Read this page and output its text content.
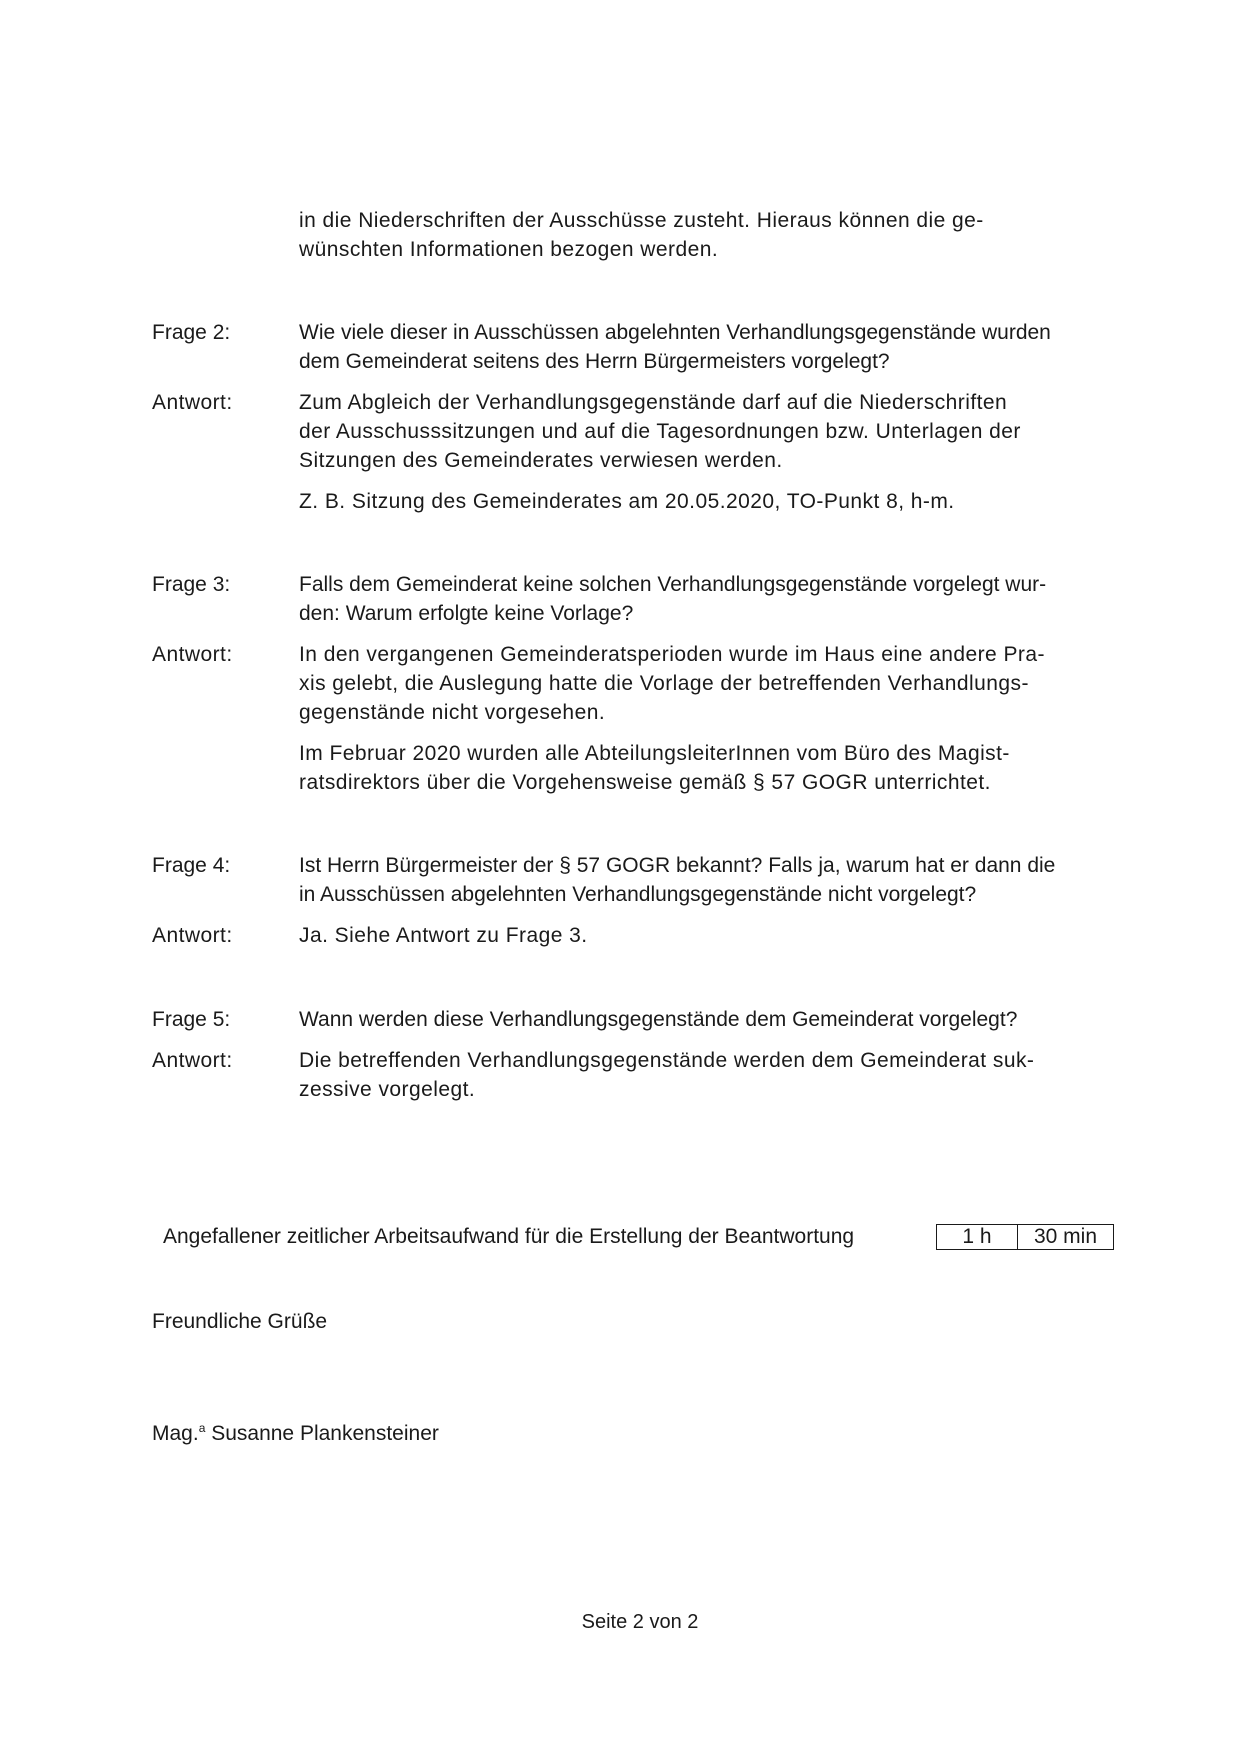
in die Niederschriften der Ausschüsse zusteht. Hieraus können die ge-

wünschten Informationen bezogen werden.

Frage 2:	Wie viele dieser in Ausschüssen abgelehnten Verhandlungsgegenstände wurden

dem Gemeinderat seitens des Herrn Bürgermeisters vorgelegt?

Antwort:	Zum Abgleich der Verhandlungsgegenstände darf auf die Niederschriften

der Ausschusssitzungen und auf die Tagesordnungen bzw. Unterlagen der

Sitzungen des Gemeinderates verwiesen werden.

Z. B. Sitzung des Gemeinderates am 20.05.2020, TO-Punkt 8, h-m.

Frage 3:	Falls dem Gemeinderat keine solchen Verhandlungsgegenstände vorgelegt wur-

den: Warum erfolgte keine Vorlage?

Antwort:	In den vergangenen Gemeinderatsperioden wurde im Haus eine andere Pra-

xis gelebt, die Auslegung hatte die Vorlage der betreffenden Verhandlungs-

gegenstände nicht vorgesehen.

Im Februar 2020 wurden alle AbteilungsleiterInnen vom Büro des Magist-

ratsdirektors über die Vorgehensweise gemäß § 57 GOGR unterrichtet.

Frage 4:	Ist Herrn Bürgermeister der § 57 GOGR bekannt? Falls ja, warum hat er dann die

in Ausschüssen abgelehnten Verhandlungsgegenstände nicht vorgelegt?

Antwort:	Ja. Siehe Antwort zu Frage 3.

Frage 5:	Wann werden diese Verhandlungsgegenstände dem Gemeinderat vorgelegt?

Antwort:	Die betreffenden Verhandlungsgegenstände werden dem Gemeinderat suk-

zessive vorgelegt.

Angefallener zeitlicher Arbeitsaufwand für die Erstellung der Beantwortung	1 h	30 min
Freundliche Grüße
Mag.$^a$ Susanne Plankensteiner
Seite 2 von 2
